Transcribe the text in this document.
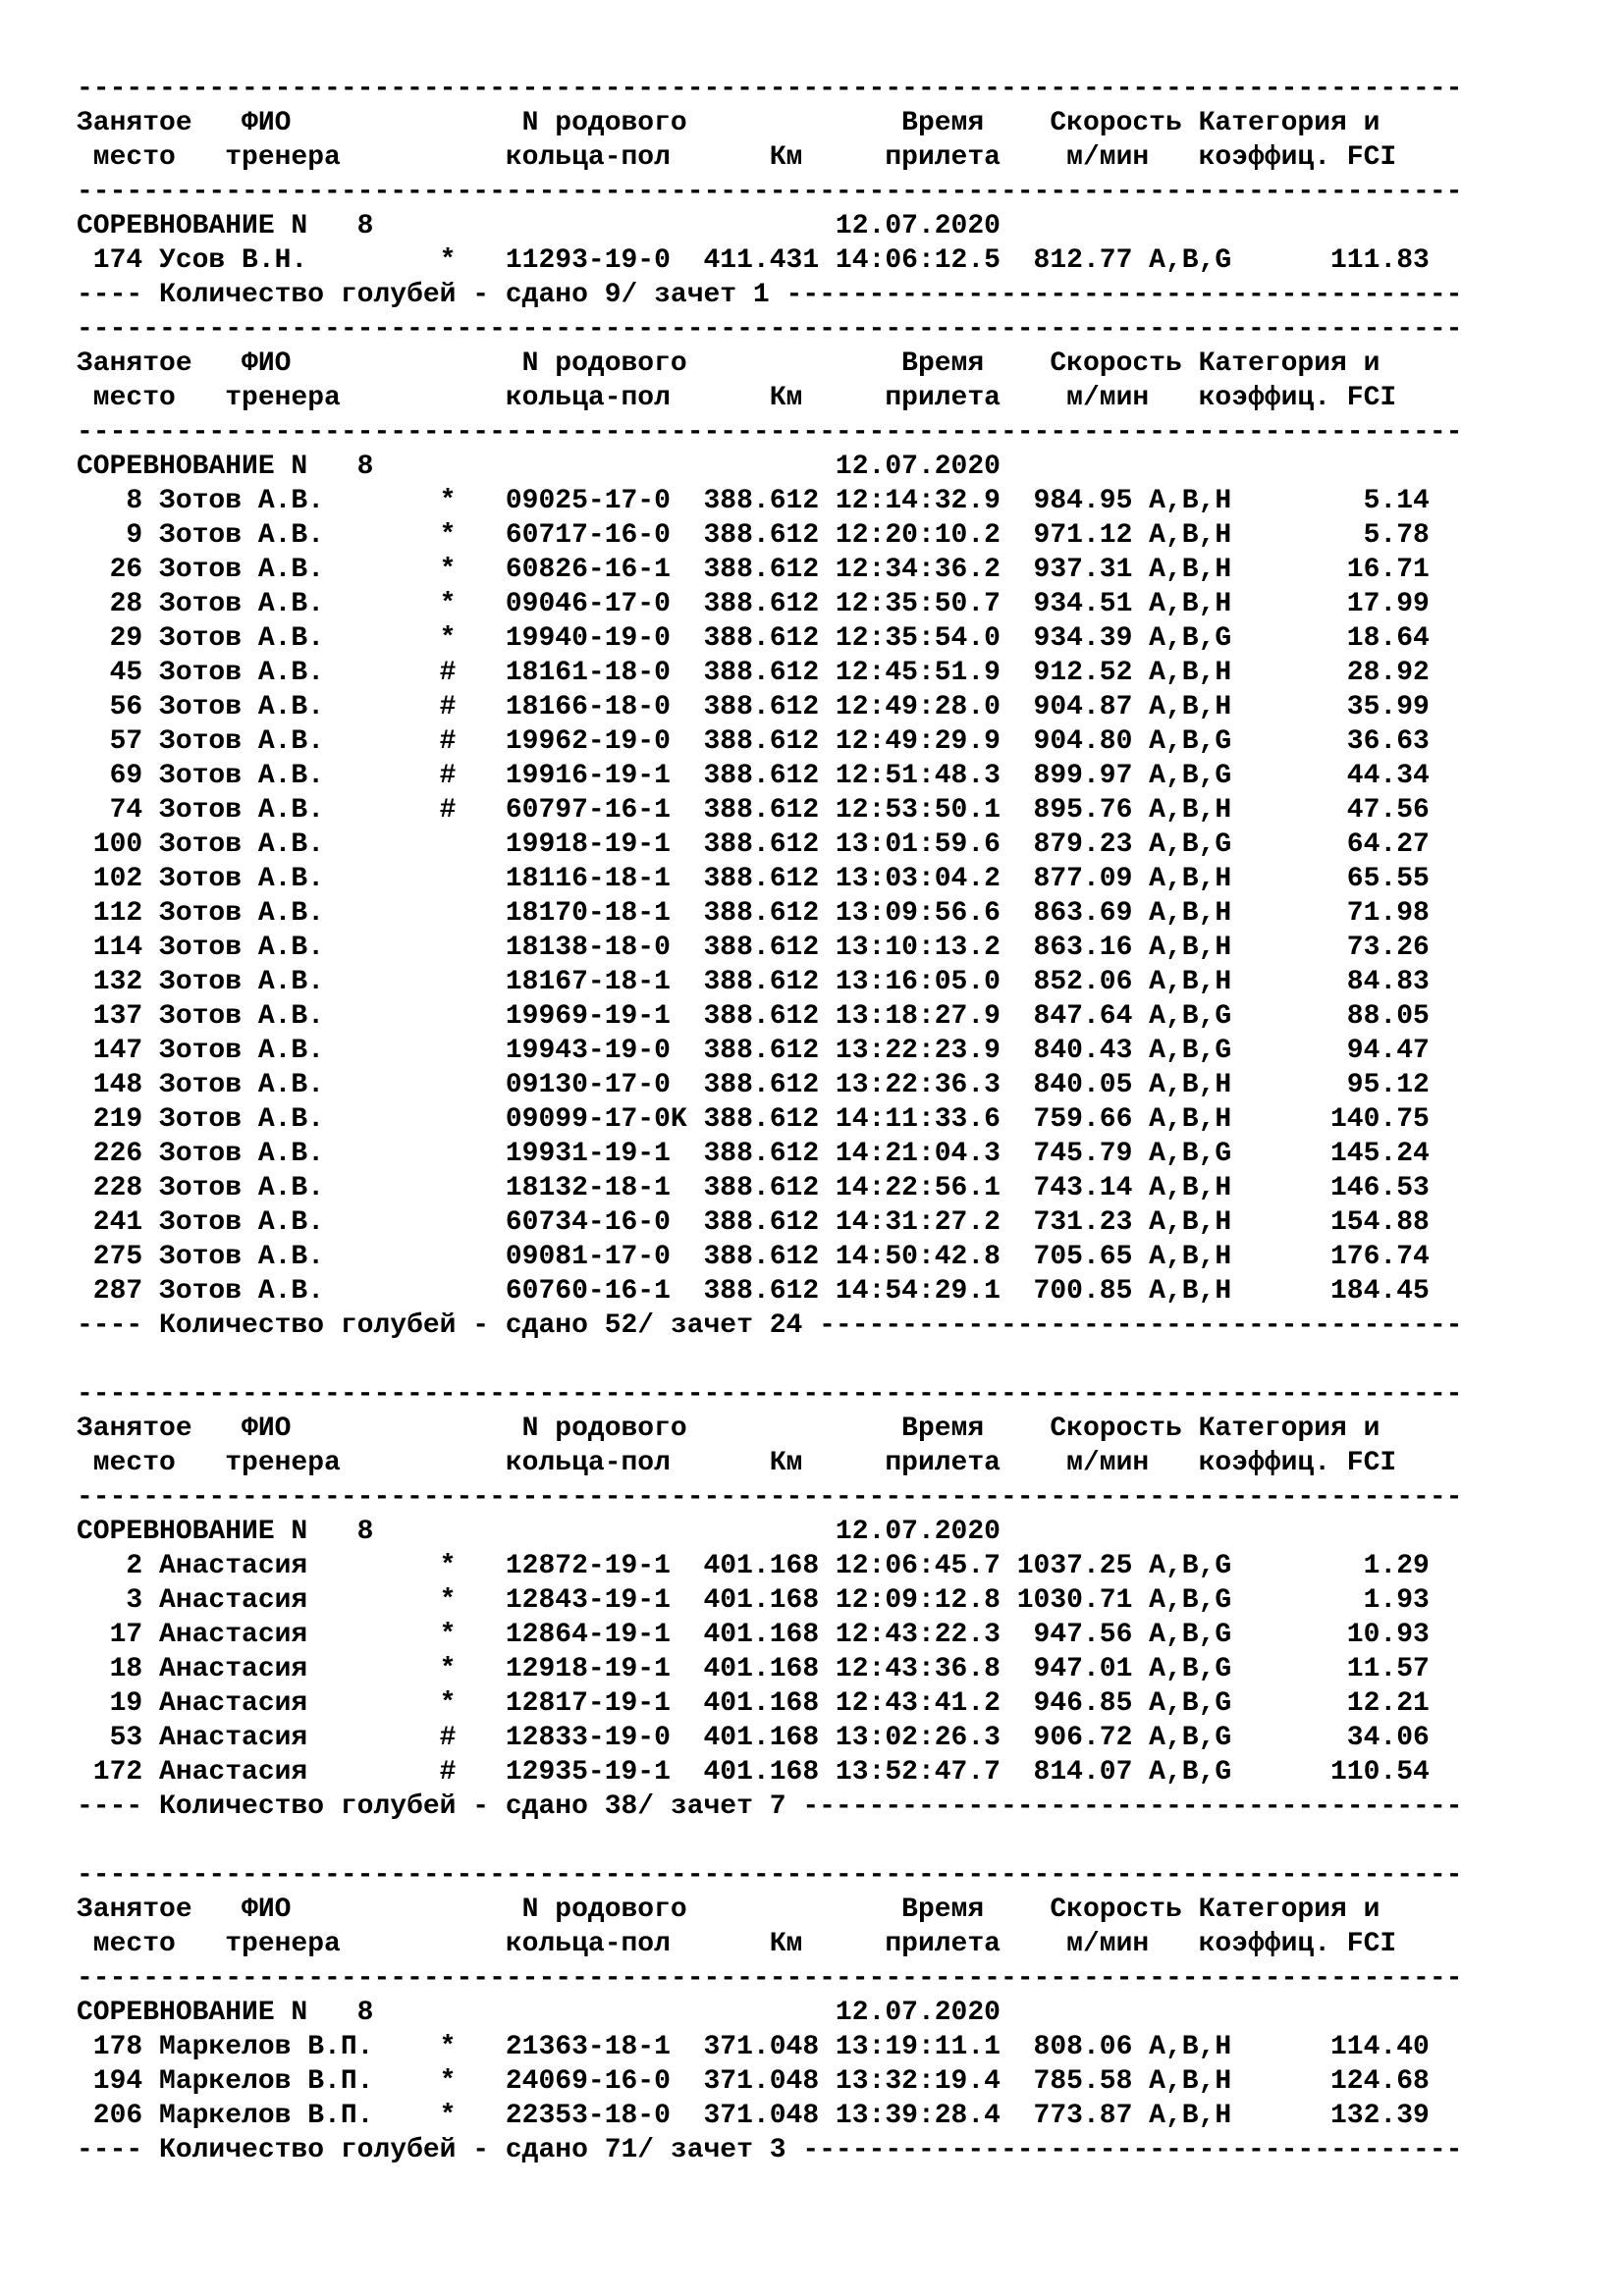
------------------------------------------------------------------------------------
Занятое   ФИО              N родового             Время    Скорость Категория и
место   тренера          кольца-пол      Км     прилета    м/мин   коэффиц. FCI
------------------------------------------------------------------------------------
СОРЕВНОВАНИЕ N   8                            12.07.2020
174 Усов В.Н.        *   11293-19-0  411.431 14:06:12.5  812.77 A,B,G      111.83
---- Количество голубей - сдано 9/ зачет 1 -----------------------------------------
------------------------------------------------------------------------------------
Занятое   ФИО              N родового             Время    Скорость Категория и
место   тренера          кольца-пол      Км     прилета    м/мин   коэффиц. FCI
------------------------------------------------------------------------------------
СОРЕВНОВАНИЕ N   8                            12.07.2020
8 Зотов А.В.       *   09025-17-0  388.612 12:14:32.9  984.95 A,B,H        5.14
9 Зотов А.В.       *   60717-16-0  388.612 12:20:10.2  971.12 A,B,H        5.78
26 Зотов А.В.       *   60826-16-1  388.612 12:34:36.2  937.31 A,B,H       16.71
28 Зотов А.В.       *   09046-17-0  388.612 12:35:50.7  934.51 A,B,H       17.99
29 Зотов А.В.       *   19940-19-0  388.612 12:35:54.0  934.39 A,B,G       18.64
45 Зотов А.В.       #   18161-18-0  388.612 12:45:51.9  912.52 A,B,H       28.92
56 Зотов А.В.       #   18166-18-0  388.612 12:49:28.0  904.87 A,B,H       35.99
57 Зотов А.В.       #   19962-19-0  388.612 12:49:29.9  904.80 A,B,G       36.63
69 Зотов А.В.       #   19916-19-1  388.612 12:51:48.3  899.97 A,B,G       44.34
74 Зотов А.В.       #   60797-16-1  388.612 12:53:50.1  895.76 A,B,H       47.56
100 Зотов А.В.           19918-19-1  388.612 13:01:59.6  879.23 A,B,G       64.27
102 Зотов А.В.           18116-18-1  388.612 13:03:04.2  877.09 A,B,H       65.55
112 Зотов А.В.           18170-18-1  388.612 13:09:56.6  863.69 A,B,H       71.98
114 Зотов А.В.           18138-18-0  388.612 13:10:13.2  863.16 A,B,H       73.26
132 Зотов А.В.           18167-18-1  388.612 13:16:05.0  852.06 A,B,H       84.83
137 Зотов А.В.           19969-19-1  388.612 13:18:27.9  847.64 A,B,G       88.05
147 Зотов А.В.           19943-19-0  388.612 13:22:23.9  840.43 A,B,G       94.47
148 Зотов А.В.           09130-17-0  388.612 13:22:36.3  840.05 A,B,H       95.12
219 Зотов А.В.           09099-17-0K 388.612 14:11:33.6  759.66 A,B,H      140.75
226 Зотов А.В.           19931-19-1  388.612 14:21:04.3  745.79 A,B,G      145.24
228 Зотов А.В.           18132-18-1  388.612 14:22:56.1  743.14 A,B,H      146.53
241 Зотов А.В.           60734-16-0  388.612 14:31:27.2  731.23 A,B,H      154.88
275 Зотов А.В.           09081-17-0  388.612 14:50:42.8  705.65 A,B,H      176.74
287 Зотов А.В.           60760-16-1  388.612 14:54:29.1  700.85 A,B,H      184.45
---- Количество голубей - сдано 52/ зачет 24 ---------------------------------------
------------------------------------------------------------------------------------
Занятое   ФИО              N родового             Время    Скорость Категория и
место   тренера          кольца-пол      Км     прилета    м/мин   коэффиц. FCI
------------------------------------------------------------------------------------
СОРЕВНОВАНИЕ N   8                            12.07.2020
2 Анастасия        *   12872-19-1  401.168 12:06:45.7 1037.25 A,B,G        1.29
3 Анастасия        *   12843-19-1  401.168 12:09:12.8 1030.71 A,B,G        1.93
17 Анастасия        *   12864-19-1  401.168 12:43:22.3  947.56 A,B,G       10.93
18 Анастасия        *   12918-19-1  401.168 12:43:36.8  947.01 A,B,G       11.57
19 Анастасия        *   12817-19-1  401.168 12:43:41.2  946.85 A,B,G       12.21
53 Анастасия        #   12833-19-0  401.168 13:02:26.3  906.72 A,B,G       34.06
172 Анастасия        #   12935-19-1  401.168 13:52:47.7  814.07 A,B,G      110.54
---- Количество голубей - сдано 38/ зачет 7 ----------------------------------------
------------------------------------------------------------------------------------
Занятое   ФИО              N родового             Время    Скорость Категория и
место   тренера          кольца-пол      Км     прилета    м/мин   коэффиц. FCI
------------------------------------------------------------------------------------
СОРЕВНОВАНИЕ N   8                            12.07.2020
178 Маркелов В.П.    *   21363-18-1  371.048 13:19:11.1  808.06 A,B,H      114.40
194 Маркелов В.П.    *   24069-16-0  371.048 13:32:19.4  785.58 A,B,H      124.68
206 Маркелов В.П.    *   22353-18-0  371.048 13:39:28.4  773.87 A,B,H      132.39
---- Количество голубей - сдано 71/ зачет 3 ----------------------------------------
